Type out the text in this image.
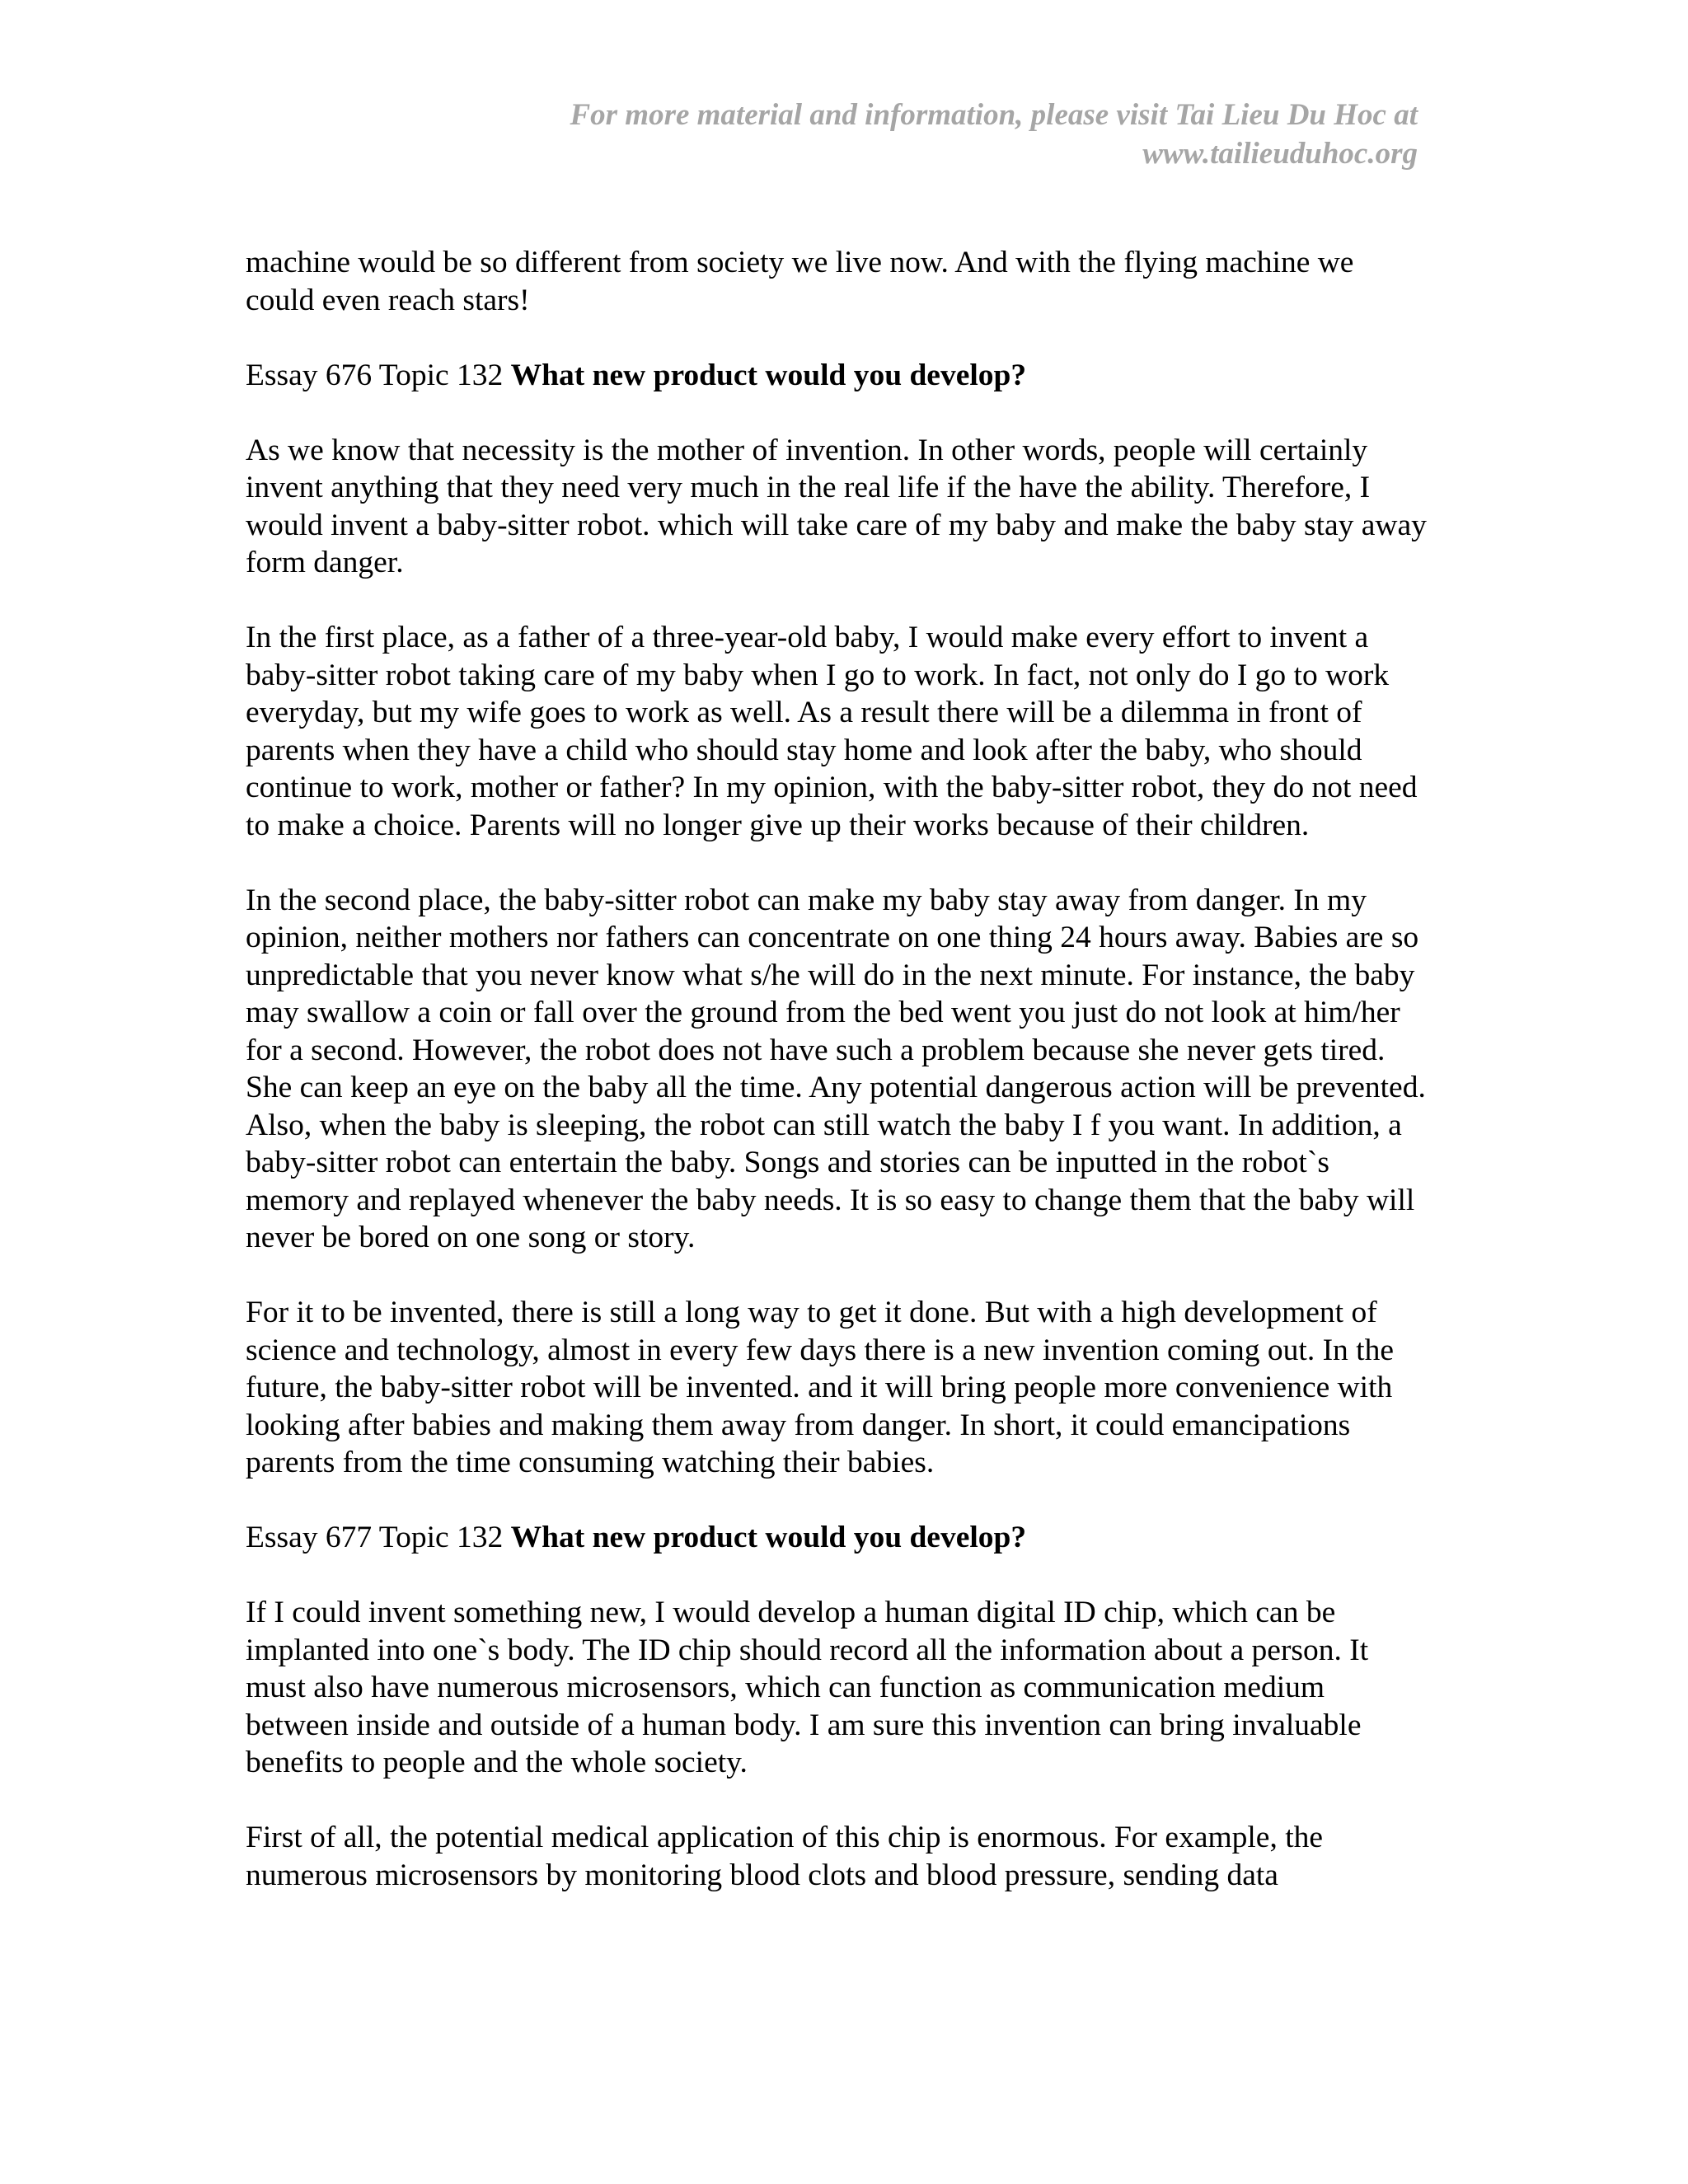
For more material and information, please visit Tai Lieu Du Hoc at
www.tailieuduhoc.org

machine would be so different from society we live now. And with the flying machine we could even reach stars!

Essay 676 Topic 132 What new product would you develop?

As we know that necessity is the mother of invention. In other words, people will certainly invent anything that they need very much in the real life if the have the ability. Therefore, I would invent a baby-sitter robot. which will take care of my baby and make the baby stay away form danger.

In the first place, as a father of a three-year-old baby, I would make every effort to invent a baby-sitter robot taking care of my baby when I go to work. In fact, not only do I go to work everyday, but my wife goes to work as well. As a result there will be a dilemma in front of parents when they have a child who should stay home and look after the baby, who should continue to work, mother or father? In my opinion, with the baby-sitter robot, they do not need to make a choice. Parents will no longer give up their works because of their children.

In the second place, the baby-sitter robot can make my baby stay away from danger. In my opinion, neither mothers nor fathers can concentrate on one thing 24 hours away. Babies are so unpredictable that you never know what s/he will do in the next minute. For instance, the baby may swallow a coin or fall over the ground from the bed went you just do not look at him/her for a second. However, the robot does not have such a problem because she never gets tired. She can keep an eye on the baby all the time. Any potential dangerous action will be prevented. Also, when the baby is sleeping, the robot can still watch the baby I f you want. In addition, a baby-sitter robot can entertain the baby. Songs and stories can be inputted in the robot`s memory and replayed whenever the baby needs. It is so easy to change them that the baby will never be bored on one song or story.

For it to be invented, there is still a long way to get it done. But with a high development of science and technology, almost in every few days there is a new invention coming out. In the future, the baby-sitter robot will be invented. and it will bring people more convenience with looking after babies and making them away from danger. In short, it could emancipations parents from the time consuming watching their babies.

Essay 677 Topic 132 What new product would you develop?

If I could invent something new, I would develop a human digital ID chip, which can be implanted into one`s body. The ID chip should record all the information about a person. It must also have numerous microsensors, which can function as communication medium between inside and outside of a human body. I am sure this invention can bring invaluable benefits to people and the whole society.

First of all, the potential medical application of this chip is enormous. For example, the numerous microsensors by monitoring blood clots and blood pressure, sending data
